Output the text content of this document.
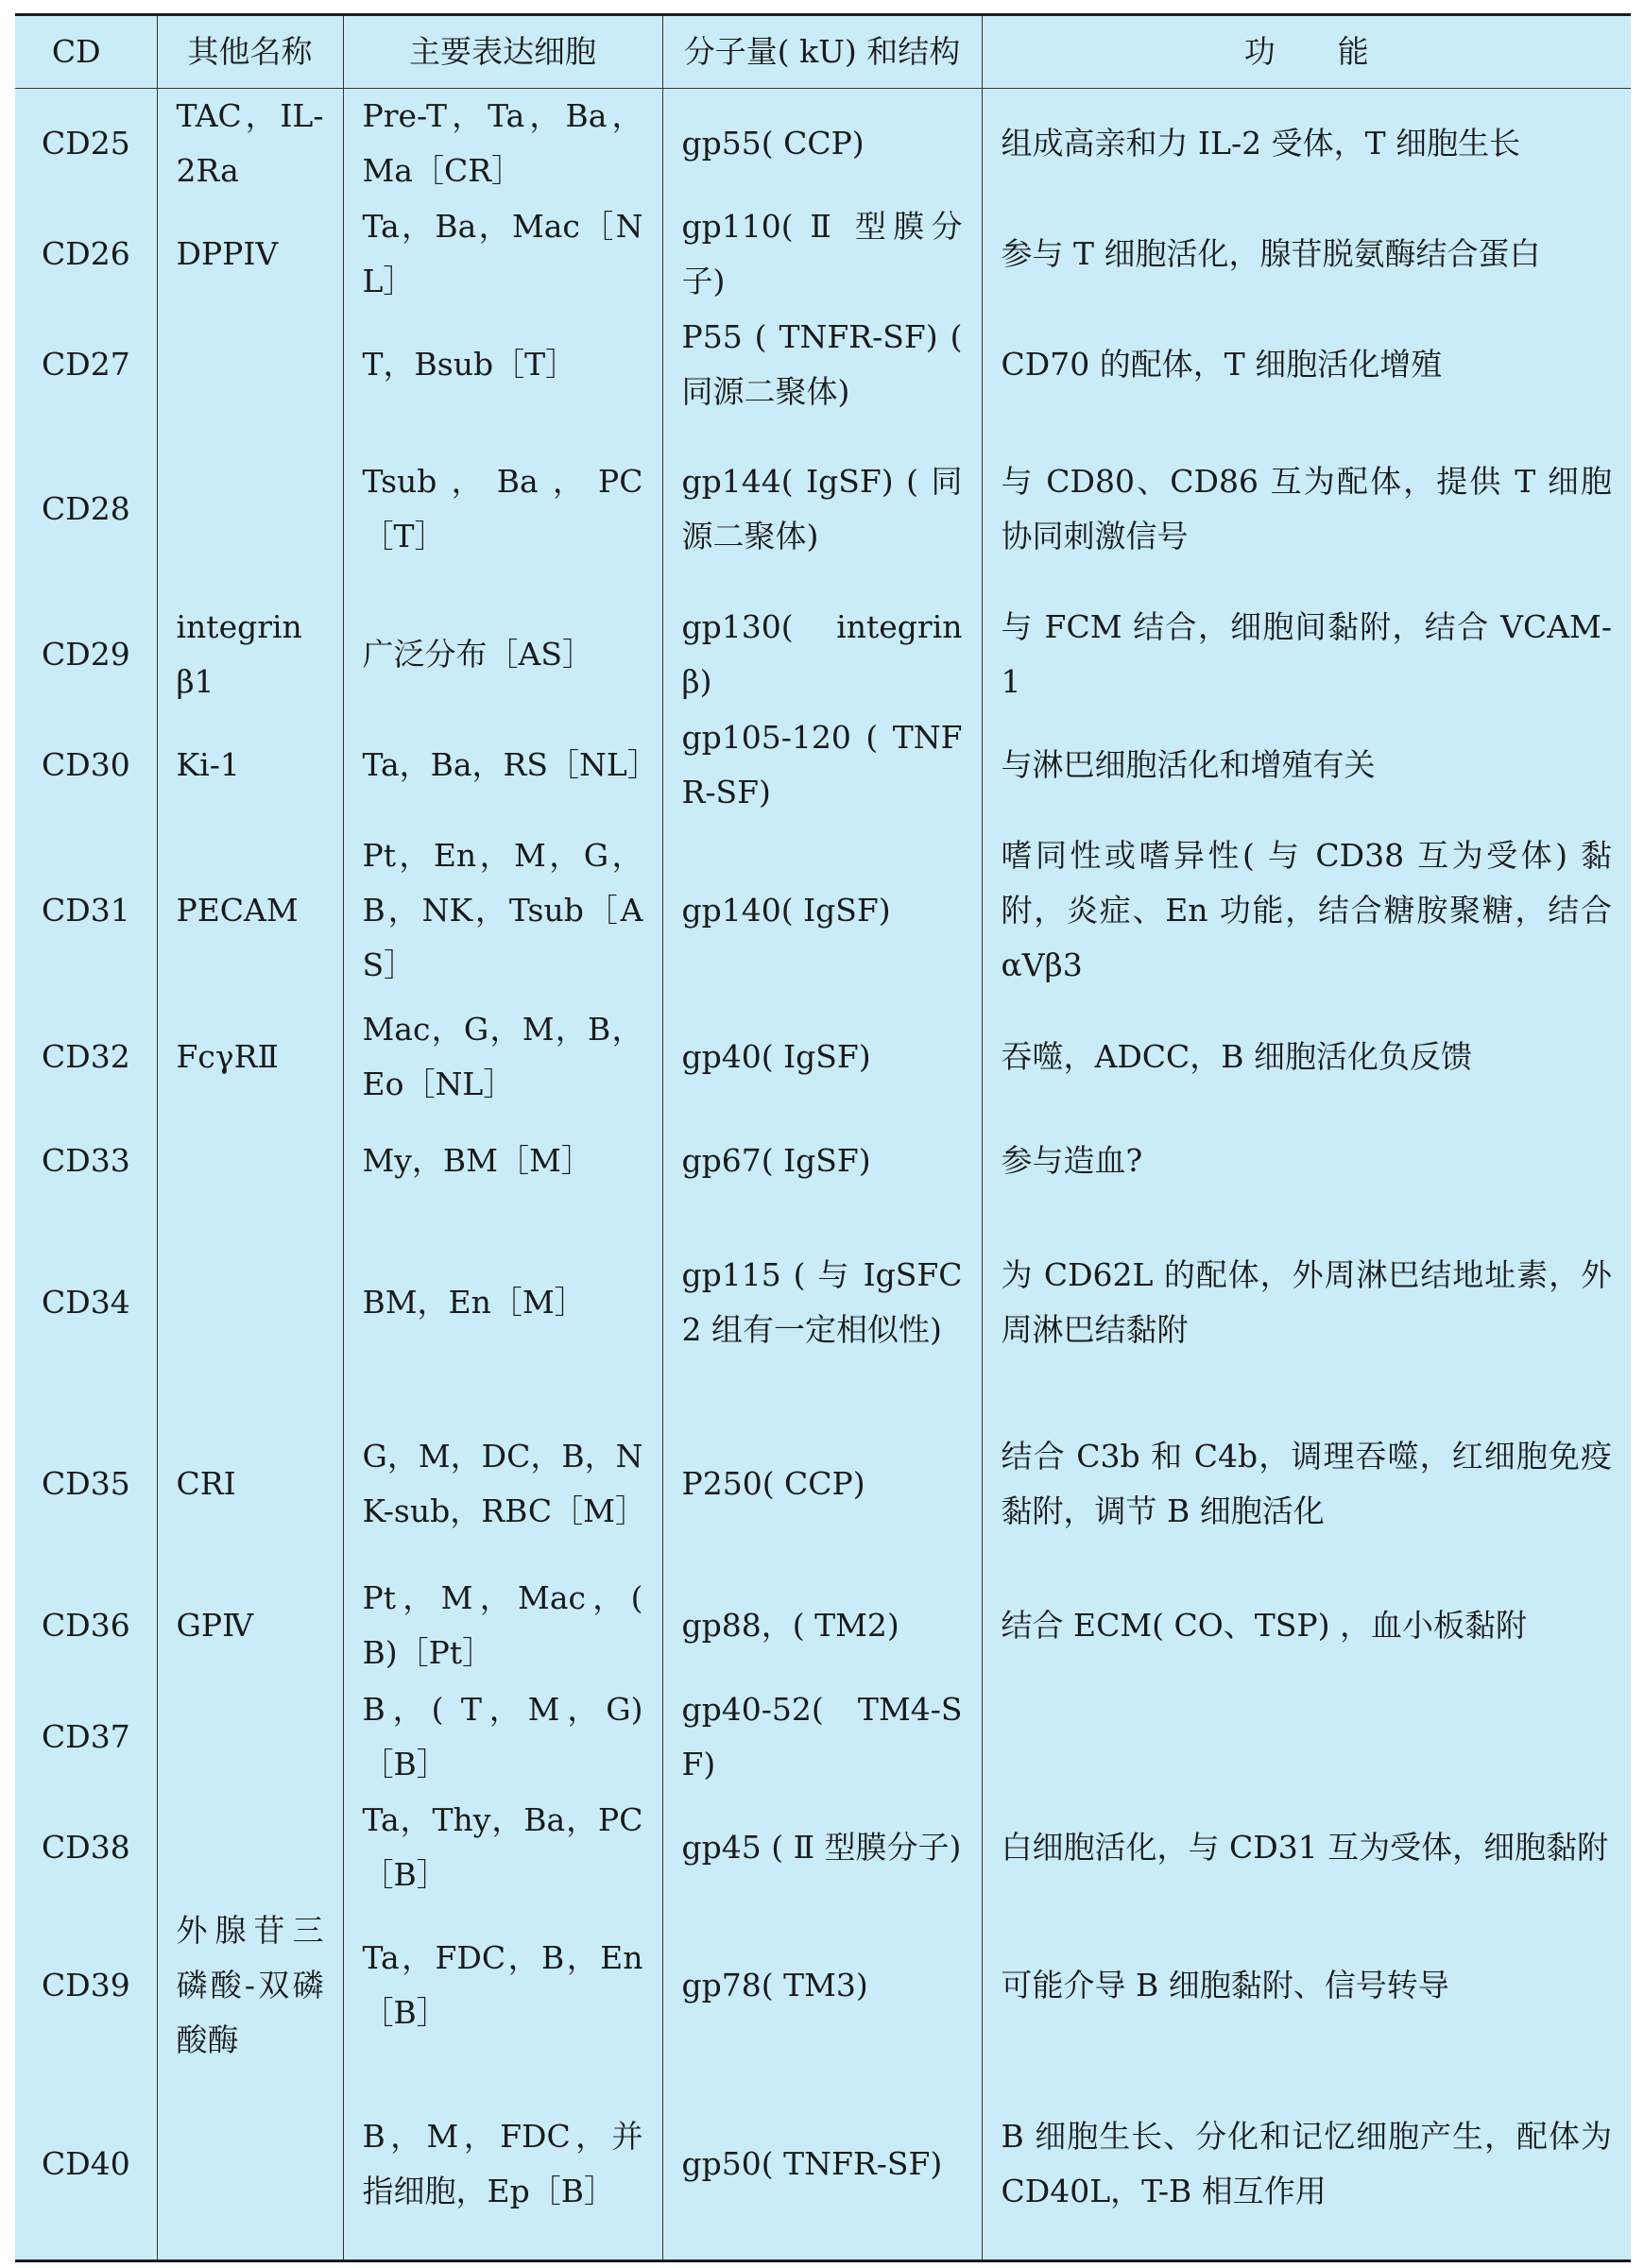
CD	其他名称	主要表达细胞	分子量( kU) 和结构	功　　能
CD25	TAC，IL-2Ra	Pre-T，Ta，Ba，Ma［CR］	gp55( CCP)	组成高亲和力 IL-2 受体，T 细胞生长
CD26	DPPIV	Ta，Ba，Mac［NL］	gp110( Ⅱ 型膜分子)	参与 T 细胞活化，腺苷脱氨酶结合蛋白
CD27		T，Bsub［T］	P55 ( TNFR-SF) ( 同源二聚体)	CD70 的配体，T 细胞活化增殖
CD28		Tsub，Ba，PC［T］	gp144( IgSF) ( 同源二聚体)	与 CD80、CD86 互为配体，提供 T 细胞协同刺激信号
CD29	integrin β1	广泛分布［AS］	gp130( integrin β)	与 FCM 结合，细胞间黏附，结合 VCAM-1
CD30	Ki-1	Ta，Ba，RS［NL］	gp105-120 ( TNFR-SF)	与淋巴细胞活化和增殖有关
CD31	PECAM	Pt，En，M，G，B，NK，Tsub［AS］	gp140( IgSF)	嗜同性或嗜异性( 与 CD38 互为受体) 黏附，炎症、En 功能，结合糖胺聚糖，结合 αVβ3
CD32	FcγRⅡ	Mac，G，M，B，Eo［NL］	gp40( IgSF)	吞噬，ADCC，B 细胞活化负反馈
CD33		My，BM［M］	gp67( IgSF)	参与造血?
CD34		BM，En［M］	gp115 ( 与 IgSFC2 组有一定相似性)	为 CD62L 的配体，外周淋巴结地址素，外周淋巴结黏附
CD35	CRⅠ	G，M，DC，B，NK-sub，RBC［M］	P250( CCP)	结合 C3b 和 C4b，调理吞噬，红细胞免疫黏附，调节 B 细胞活化
CD36	GPⅣ	Pt，M，Mac，( B)［Pt］	gp88，( TM2)	结合 ECM( CO、TSP) ，血小板黏附
CD37		B，( T，M，G) ［B］	gp40-52( TM4-SF)	
CD38		Ta，Thy，Ba，PC［B］	gp45 ( Ⅱ 型膜分子)	白细胞活化，与 CD31 互为受体，细胞黏附
CD39	外腺苷三磷酸-双磷酸酶	Ta，FDC，B，En［B］	gp78( TM3)	可能介导 B 细胞黏附、信号转导
CD40		B，M，FDC，并指细胞，Ep［B］	gp50( TNFR-SF)	B 细胞生长、分化和记忆细胞产生，配体为 CD40L，T-B 相互作用
